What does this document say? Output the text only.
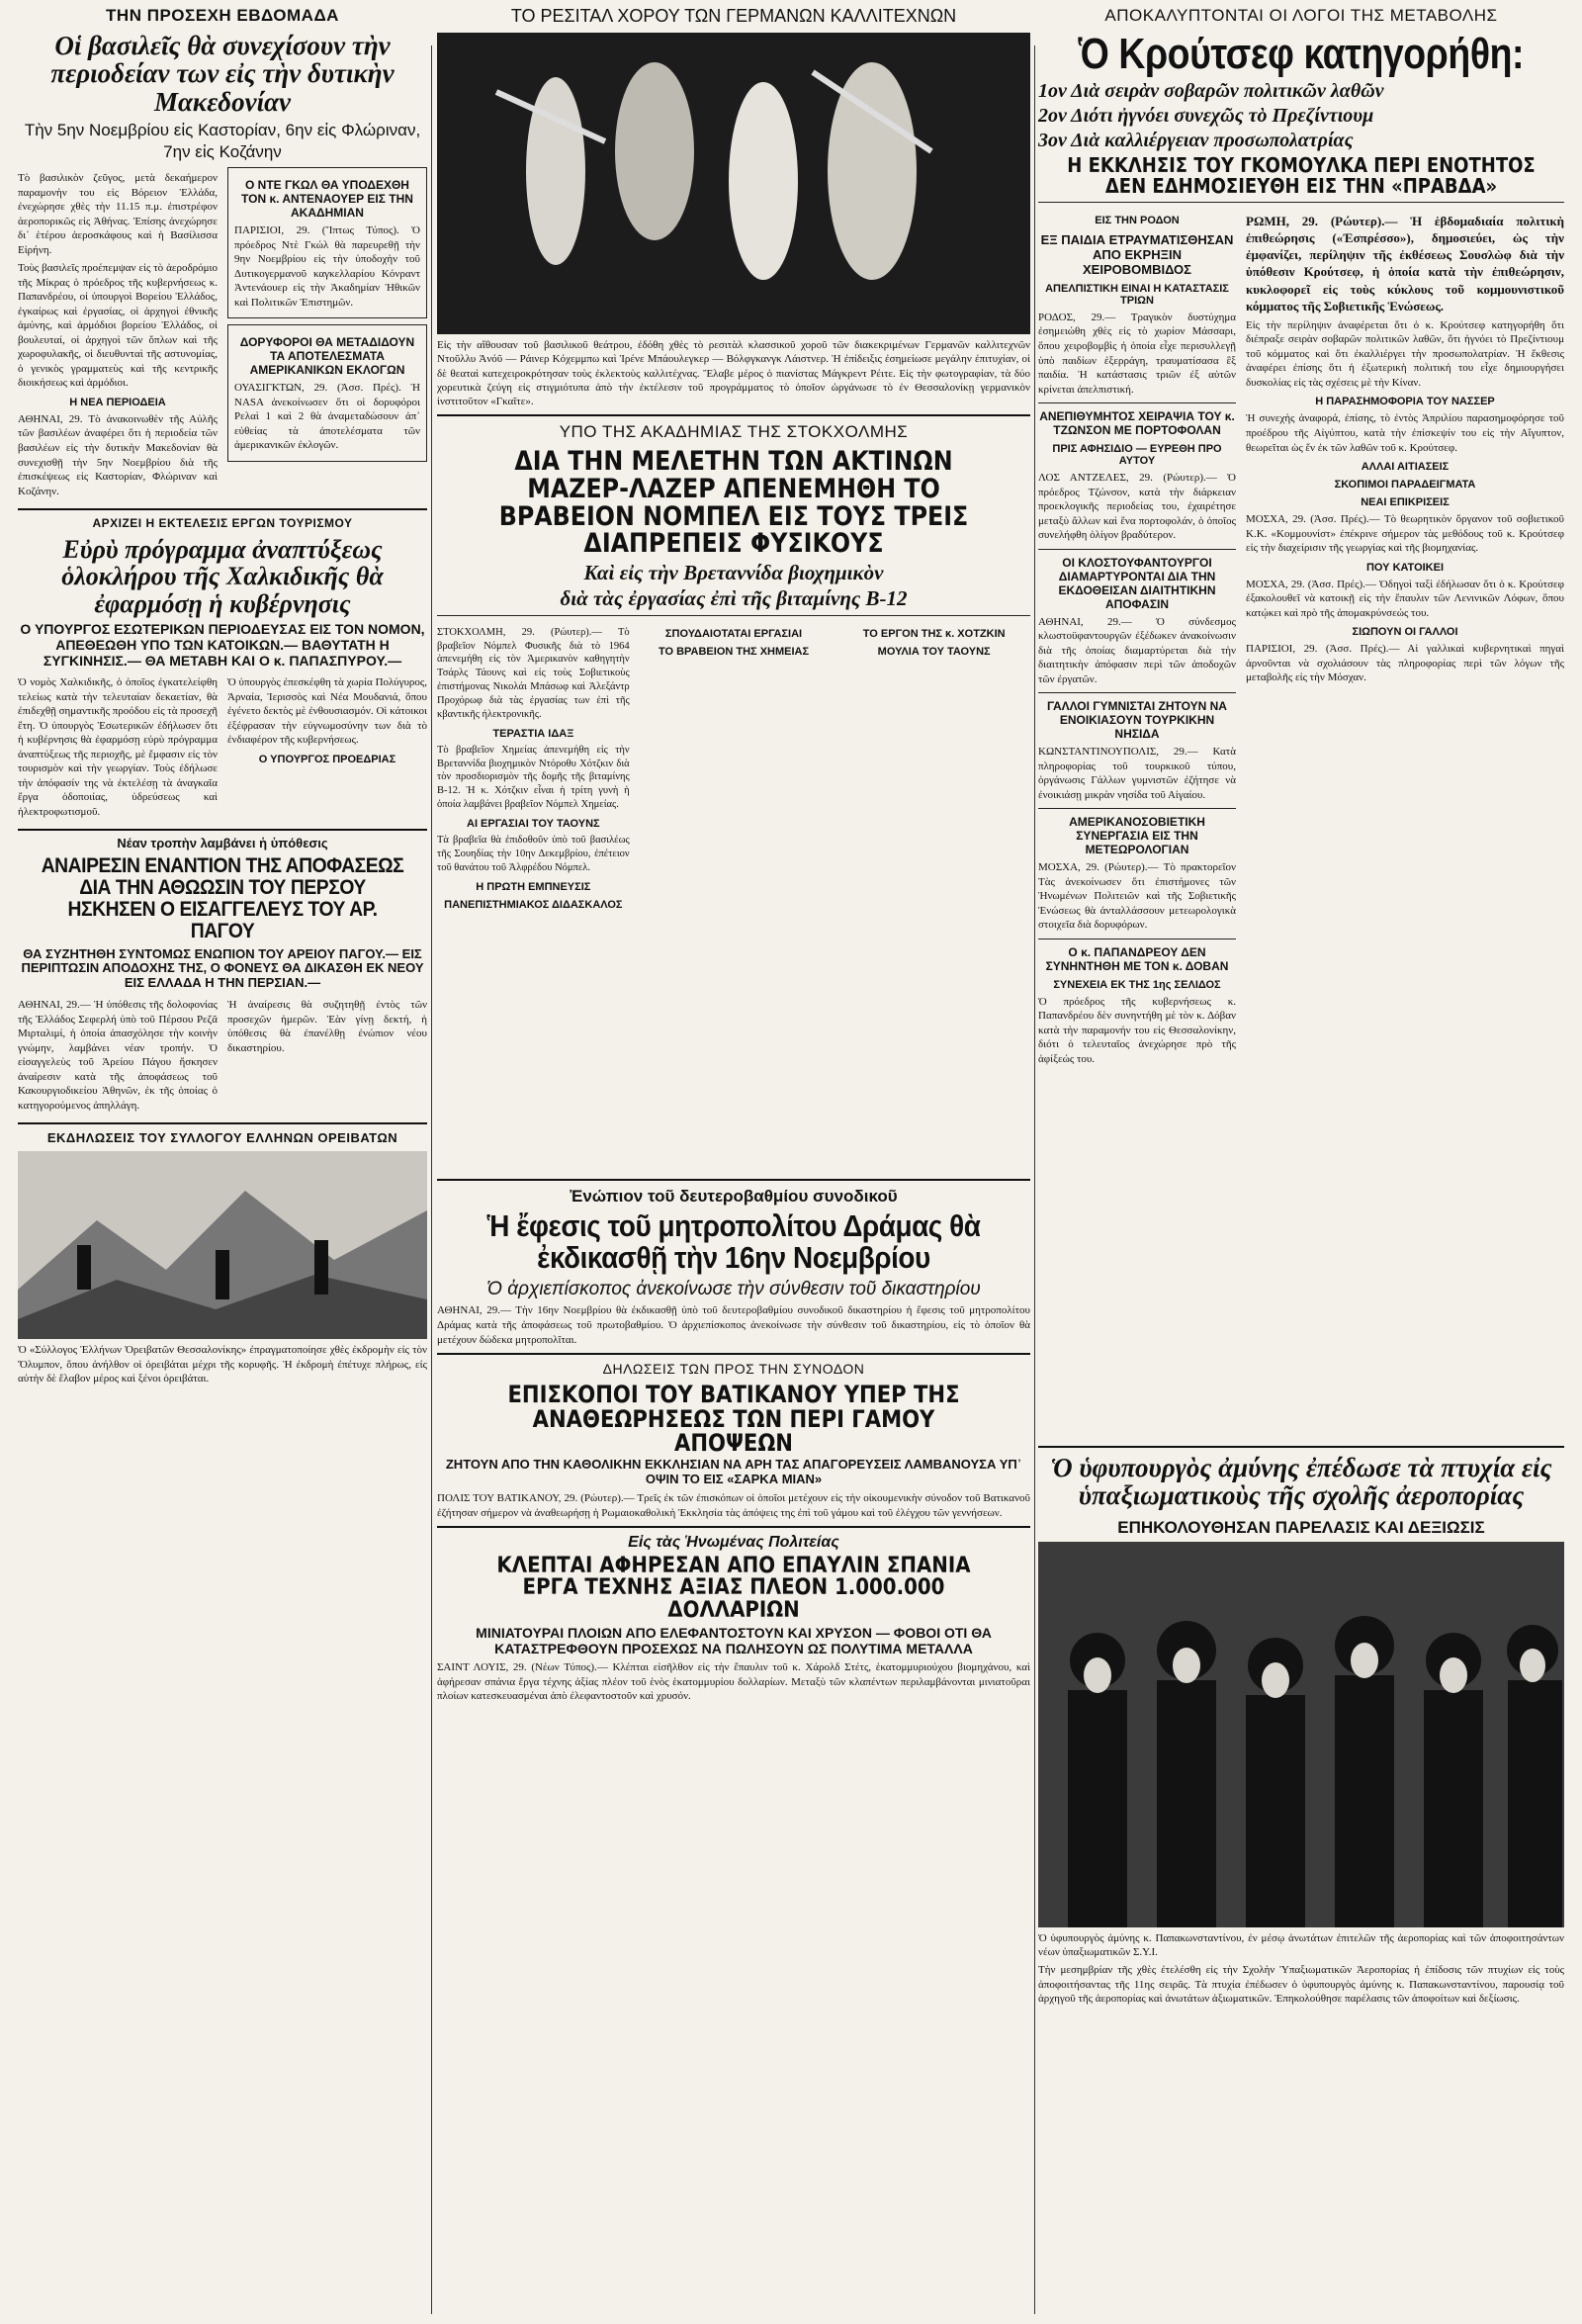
ΤΗΝ ΠΡΟΣΕΧΗ ΕΒΔΟΜΑΔΑ
Οἱ βασιλεῖς θὰ συνεχίσουν τὴν περιοδείαν των εἰς τὴν δυτικὴν Μακεδονίαν
Τὴν 5ην Νοεμβρίου εἰς Καστορίαν, 6ην εἰς Φλώριναν, 7ην εἰς Κοζάνην
Τὸ βασιλικὸν ζεῦγος, μετὰ δεκαήμερον παραμονὴν του εἰς Βόρειον Ἑλλάδα, ἐνεχώρησε χθὲς τὴν 11.15 π.μ. ἐπιστρέφον ἀεροπορικῶς εἰς Ἀθήνας. Ἐπίσης ἀνεχώρησε δι᾽ ἑτέρου ἀεροσκάφους καὶ ἡ Βασίλισσα Εἰρήνη.
Τοὺς βασιλεῖς προέπεμψαν εἰς τὸ ἀεροδρόμιο τῆς Μίκρας ὁ πρόεδρος τῆς κυβερνήσεως κ. Παπανδρέου, οἱ ὑπουργοὶ Βορείου Ἑλλάδος, ἐγκαίρως καὶ ἐργασίας, οἱ ἀρχηγοὶ ἐθνικῆς ἀμύνης, καὶ ἀρμόδιοι βορείου Ἑλλάδος, οἱ βουλευταί, οἱ ἀρχηγοὶ τῶν ὅπλων καὶ τῆς χωροφυλακῆς, οἱ διευθυνταὶ τῆς αστυνομίας, ὁ γενικὸς γραμματεὺς καὶ τῆς κεντρικῆς διοικήσεως καὶ ἀρμόδιοι.
Η ΝΕΑ ΠΕΡΙΟΔΕΙΑ
ΑΘΗΝΑΙ, 29. Τὸ ἀνακοινωθὲν τῆς Αὐλῆς τῶν βασιλέων ἀναφέρει ὅτι ἡ περιοδεία τῶν βασιλέων εἰς τὴν δυτικὴν Μακεδονίαν θὰ συνεχισθῇ τὴν 5ην Νοεμβρίου διὰ τῆς ἐπισκέψεως εἰς Καστορίαν, Φλώριναν καὶ Κοζάνην.
Ο ΝΤΕ ΓΚΩΛ ΘΑ ΥΠΟΔΕΧΘΗ ΤΟΝ κ. ΑΝΤΕΝΑΟΥΕΡ ΕΙΣ ΤΗΝ ΑΚΑΔΗΜΙΑΝ
ΠΑΡΙΣΙΟΙ, 29. (Ἴπτως Τύπος). Ὁ πρόεδρος Ντὲ Γκώλ θὰ παρευρεθῇ τὴν 9ην Νοεμβρίου εἰς τὴν ὑποδοχὴν τοῦ Δυτικογερμανοῦ καγκελλαρίου Κόνραντ Ἀντενάουερ εἰς τὴν Ἀκαδημίαν Ἠθικῶν καὶ Πολιτικῶν Ἐπιστημῶν.
ΔΟΡΥΦΟΡΟΙ ΘΑ ΜΕΤΑΔΙΔΟΥΝ ΤΑ ΑΠΟΤΕΛΕΣΜΑΤΑ ΑΜΕΡΙΚΑΝΙΚΩΝ ΕΚΛΟΓΩΝ
ΟΥΑΣΙΓΚΤΩΝ, 29. (Ἀσσ. Πρές). Ἡ NASA ἀνεκοίνωσεν ὅτι οἱ δορυφόροι Ρελαὶ 1 καὶ 2 θὰ ἀναμεταδώσουν ἀπ᾽ εὐθείας τὰ ἀποτελέσματα τῶν ἀμερικανικῶν ἐκλογῶν.
ΑΡΧΙΖΕΙ Η ΕΚΤΕΛΕΣΙΣ ΕΡΓΩΝ ΤΟΥΡΙΣΜΟΥ
Εὐρὺ πρόγραμμα ἀναπτύξεως ὁλοκλήρου τῆς Χαλκιδικῆς θὰ ἐφαρμόσῃ ἡ κυβέρνησις
Ο ΥΠΟΥΡΓΟΣ ΕΣΩΤΕΡΙΚΩΝ ΠΕΡΙΟΔΕΥΣΑΣ ΕΙΣ ΤΟΝ ΝΟΜΟΝ, ΑΠΕΘΕΩΘΗ ΥΠΟ ΤΩΝ ΚΑΤΟΙΚΩΝ.— ΒΑΘΥΤΑΤΗ Η ΣΥΓΚΙΝΗΣΙΣ.— ΘΑ ΜΕΤΑΒΗ ΚΑΙ Ο κ. ΠΑΠΑΣΠΥΡΟΥ.—
Ὁ νομὸς Χαλκιδικῆς, ὁ ὁποῖος ἐγκατελείφθη τελείως κατὰ τὴν τελευταίαν δεκαετίαν, θὰ ἐπιδεχθῇ σημαντικῆς προόδου εἰς τὰ προσεχῆ ἔτη. Ὁ ὑπουργὸς Ἐσωτερικῶν ἐδήλωσεν ὅτι ἡ κυβέρνησις θὰ ἐφαρμόσῃ εὐρὺ πρόγραμμα ἀναπτύξεως τῆς περιοχῆς, μὲ ἔμφασιν εἰς τὸν τουρισμὸν καὶ τὴν γεωργίαν. Τοὺς ἐδήλωσε τὴν ἀπόφασίν της νὰ ἐκτελέσῃ τὰ ἀναγκαῖα ἔργα ὁδοποιίας, ὑδρεύσεως καὶ ἡλεκτροφωτισμοῦ.
Ὁ ὑπουργὸς ἐπεσκέφθη τὰ χωρία Πολύγυρος, Ἀρναία, Ἱερισσὸς καὶ Νέα Μουδανιά, ὅπου ἐγένετο δεκτὸς μὲ ἐνθουσιασμόν. Οἱ κάτοικοι ἐξέφρασαν τὴν εὐγνωμοσύνην των διὰ τὸ ἐνδιαφέρον τῆς κυβερνήσεως.
Ο ΥΠΟΥΡΓΟΣ ΠΡΟΕΔΡΙΑΣ
Νέαν τροπὴν λαμβάνει ἡ ὑπόθεσις
ΑΝΑΙΡΕΣΙΝ ΕΝΑΝΤΙΟΝ ΤΗΣ ΑΠΟΦΑΣΕΩΣ ΔΙΑ ΤΗΝ ΑΘΩΩΣΙΝ ΤΟΥ ΠΕΡΣΟΥ ΗΣΚΗΣΕΝ Ο ΕΙΣΑΓΓΕΛΕΥΣ ΤΟΥ ΑΡ. ΠΑΓΟΥ
ΘΑ ΣΥΖΗΤΗΘΗ ΣΥΝΤΟΜΩΣ ΕΝΩΠΙΟΝ ΤΟΥ ΑΡΕΙΟΥ ΠΑΓΟΥ.— ΕΙΣ ΠΕΡΙΠΤΩΣΙΝ ΑΠΟΔΟΧΗΣ ΤΗΣ, Ο ΦΟΝΕΥΣ ΘΑ ΔΙΚΑΣΘΗ ΕΚ ΝΕΟΥ ΕΙΣ ΕΛΛΑΔΑ Η ΤΗΝ ΠΕΡΣΙΑΝ.—
ΑΘΗΝΑΙ, 29.— Ἡ ὑπόθεσις τῆς δολοφονίας τῆς Ἑλλάδος Σεφερλή ὑπὸ τοῦ Πέρσου Ρεζᾶ Μιρταλιμί, ἡ ὁποία ἀπασχόλησε τὴν κοινὴν γνώμην, λαμβάνει νέαν τροπήν. Ὁ εἰσαγγελεὺς τοῦ Ἀρείου Πάγου ἤσκησεν ἀναίρεσιν κατὰ τῆς ἀποφάσεως τοῦ Κακουργιοδικείου Ἀθηνῶν, ἐκ τῆς ὁποίας ὁ κατηγορούμενος ἀπηλλάγη.
Ἡ ἀναίρεσις θὰ συζητηθῇ ἐντὸς τῶν προσεχῶν ἡμερῶν. Ἐὰν γίνῃ δεκτή, ἡ ὑπόθεσις θὰ ἐπανέλθῃ ἐνώπιον νέου δικαστηρίου.
ΕΚΔΗΛΩΣΕΙΣ ΤΟΥ ΣΥΛΛΟΓΟΥ ΕΛΛΗΝΩΝ ΟΡΕΙΒΑΤΩΝ
Ὁ «Σύλλογος Ἑλλήνων Ὀρειβατῶν Θεσσαλονίκης» ἐπραγματοποίησε χθὲς ἐκδρομὴν εἰς τὸν Ὄλυμπον, ὅπου ἀνήλθον οἱ ὀρειβάται μέχρι τῆς κορυφῆς. Ἡ ἐκδρομὴ ἐπέτυχε πλήρως, εἰς αὐτὴν δὲ ἔλαβον μέρος καὶ ξένοι ὀρειβάται.
ΤΟ ΡΕΣΙΤΑΛ ΧΟΡΟΥ ΤΩΝ ΓΕΡΜΑΝΩΝ ΚΑΛΛΙΤΕΧΝΩΝ
Εἰς τὴν αἴθουσαν τοῦ βασιλικοῦ θεάτρου, ἐδόθη χθὲς τὸ ρεσιτὰλ κλασσικοῦ χοροῦ τῶν διακεκριμένων Γερμανῶν καλλιτεχνῶν Ντοῦλλυ Ἀνόῦ — Ράινερ Κόχεμμπω καὶ Ἰρένε Μπάουλεγκερ — Βόλφγκανγκ Λάιστνερ. Ἡ ἐπίδειξις ἐσημείωσε μεγάλην ἐπιτυχίαν, οἱ δὲ θεαταὶ κατεχειροκρότησαν τοὺς ἐκλεκτοὺς καλλιτέχνας. Ἔλαβε μέρος ὁ πιανίστας Μάγκρεντ Ρέιτε. Εἰς τὴν φωτογραφίαν, τὰ δύο χορευτικὰ ζεύγη εἰς στιγμιότυπα ἀπὸ τὴν ἐκτέλεσιν τοῦ προγράμματος τὸ ὁποῖον ὠργάνωσε τὸ ἐν Θεσσαλονίκῃ γερμανικὸν ἰνστιτοῦτον «Γκαῖτε».
ΥΠΟ ΤΗΣ ΑΚΑΔΗΜΙΑΣ ΤΗΣ ΣΤΟΚΧΟΛΜΗΣ
ΔΙΑ ΤΗΝ ΜΕΛΕΤΗΝ ΤΩΝ ΑΚΤΙΝΩΝ ΜΑΖΕΡ-ΛΑΖΕΡ ΑΠΕΝΕΜΗΘΗ ΤΟ ΒΡΑΒΕΙΟΝ ΝΟΜΠΕΛ ΕΙΣ ΤΟΥΣ ΤΡΕΙΣ ΔΙΑΠΡΕΠΕΙΣ ΦΥΣΙΚΟΥΣ
Καὶ εἰς τὴν Βρεταννίδα βιοχημικὸν
διὰ τὰς ἐργασίας ἐπὶ τῆς βιταμίνης Β-12
ΣΤΟΚΧΟΛΜΗ, 29. (Ρώυτερ).— Τὸ βραβεῖον Νόμπελ Φυσικῆς διὰ τὸ 1964 ἀπενεμήθη εἰς τὸν Ἀμερικανὸν καθηγητὴν Τσάρλς Τάουνς καὶ εἰς τοὺς Σοβιετικοὺς ἐπιστήμονας Νικολάι Μπάσωφ καὶ Ἀλεξάντρ Προχόρωφ διὰ τὰς ἐργασίας των ἐπὶ τῆς κβαντικῆς ἠλεκτρονικῆς.
ΤΕΡΑΣΤΙΑ ΙΔΑΞ
Τὸ βραβεῖον Χημείας ἀπενεμήθη εἰς τὴν Βρεταννίδα βιοχημικὸν Ντόροθυ Χότζκιν διὰ τὸν προσδιορισμὸν τῆς δομῆς τῆς βιταμίνης Β-12. Ἡ κ. Χότζκιν εἶναι ἡ τρίτη γυνὴ ἡ ὁποία λαμβάνει βραβεῖον Νόμπελ Χημείας.
ΑΙ ΕΡΓΑΣΙΑΙ ΤΟΥ ΤΑΟΥΝΣ
Τὰ βραβεῖα θὰ ἐπιδοθοῦν ὑπὸ τοῦ βασιλέως τῆς Σουηδίας τὴν 10ην Δεκεμβρίου, ἐπέτειον τοῦ θανάτου τοῦ Ἀλφρέδου Νόμπελ.
Η ΠΡΩΤΗ ΕΜΠΝΕΥΣΙΣ
ΠΑΝΕΠΙΣΤΗΜΙΑΚΟΣ ΔΙΔΑΣΚΑΛΟΣ
ΣΠΟΥΔΑΙΟΤΑΤΑΙ ΕΡΓΑΣΙΑΙ
ΤΟ ΒΡΑΒΕΙΟΝ ΤΗΣ ΧΗΜΕΙΑΣ
ΤΟ ΕΡΓΟΝ ΤΗΣ κ. ΧΟΤΖΚΙΝ
ΜΟΥΛΙΑ ΤΟΥ ΤΑΟΥΝΣ
Ἐνώπιον τοῦ δευτεροβαθμίου συνοδικοῦ
Ἡ ἔφεσις τοῦ μητροπολίτου Δράμας θὰ ἐκδικασθῇ τὴν 16ην Νοεμβρίου
Ὁ ἀρχιεπίσκοπος ἀνεκοίνωσε τὴν σύνθεσιν τοῦ δικαστηρίου
ΑΘΗΝΑΙ, 29.— Τὴν 16ην Νοεμβρίου θὰ ἐκδικασθῇ ὑπὸ τοῦ δευτεροβαθμίου συνοδικοῦ δικαστηρίου ἡ ἔφεσις τοῦ μητροπολίτου Δράμας κατὰ τῆς ἀποφάσεως τοῦ πρωτοβαθμίου. Ὁ ἀρχιεπίσκοπος ἀνεκοίνωσε τὴν σύνθεσιν τοῦ δικαστηρίου, εἰς τὸ ὁποῖον θὰ μετέχουν δώδεκα μητροπολῖται.
ΔΗΛΩΣΕΙΣ ΤΩΝ ΠΡΟΣ ΤΗΝ ΣΥΝΟΔΟΝ
ΕΠΙΣΚΟΠΟΙ ΤΟΥ ΒΑΤΙΚΑΝΟΥ ΥΠΕΡ ΤΗΣ ΑΝΑΘΕΩΡΗΣΕΩΣ ΤΩΝ ΠΕΡΙ ΓΑΜΟΥ ΑΠΟΨΕΩΝ
ΖΗΤΟΥΝ ΑΠΟ ΤΗΝ ΚΑΘΟΛΙΚΗΝ ΕΚΚΛΗΣΙΑΝ ΝΑ ΑΡΗ ΤΑΣ ΑΠΑΓΟΡΕΥΣΕΙΣ ΛΑΜΒΑΝΟΥΣΑ ΥΠ᾽ ΟΨΙΝ ΤΟ ΕΙΣ «ΣΑΡΚΑ ΜΙΑΝ»
ΠΟΛΙΣ ΤΟΥ ΒΑΤΙΚΑΝΟΥ, 29. (Ρώυτερ).— Τρεῖς ἐκ τῶν ἐπισκόπων οἱ ὁποῖοι μετέχουν εἰς τὴν οἰκουμενικὴν σύνοδον τοῦ Βατικανοῦ ἐζήτησαν σήμερον νὰ ἀναθεωρήσῃ ἡ Ρωμαιοκαθολικὴ Ἐκκλησία τὰς ἀπόψεις της ἐπὶ τοῦ γάμου καὶ τοῦ ἐλέγχου τῶν γεννήσεων.
Εἰς τὰς Ἡνωμένας Πολιτείας
ΚΛΕΠΤΑΙ ΑΦΗΡΕΣΑΝ ΑΠΟ ΕΠΑΥΛΙΝ ΣΠΑΝΙΑ ΕΡΓΑ ΤΕΧΝΗΣ ΑΞΙΑΣ ΠΛΕΟΝ 1.000.000 ΔΟΛΛΑΡΙΩΝ
ΜΙΝΙΑΤΟΥΡΑΙ ΠΛΟΙΩΝ ΑΠΟ ΕΛΕΦΑΝΤΟΣΤΟΥΝ ΚΑΙ ΧΡΥΣΟΝ — ΦΟΒΟΙ ΟΤΙ ΘΑ ΚΑΤΑΣΤΡΕΦΘΟΥΝ ΠΡΟΣΕΧΩΣ ΝΑ ΠΩΛΗΣΟΥΝ ΩΣ ΠΟΛΥΤΙΜΑ ΜΕΤΑΛΛΑ
ΣΑΙΝΤ ΛΟΥΙΣ, 29. (Νέων Τύπος).— Κλέπται εἰσῆλθον εἰς τὴν ἔπαυλιν τοῦ κ. Χάρολδ Στέτς, ἑκατομμυριούχου βιομηχάνου, καὶ ἀφήρεσαν σπάνια ἔργα τέχνης ἀξίας πλέον τοῦ ἑνὸς ἑκατομμυρίου δολλαρίων. Μεταξὺ τῶν κλαπέντων περιλαμβάνονται μινιατοῦραι πλοίων κατεσκευασμέναι ἀπὸ ἐλεφαντοστοῦν καὶ χρυσόν.
ΑΠΟΚΑΛΥΠΤΟΝΤΑΙ ΟΙ ΛΟΓΟΙ ΤΗΣ ΜΕΤΑΒΟΛΗΣ
Ὁ Κρούτσεφ κατηγορήθη:
1ον Διὰ σειρὰν σοβαρῶν πολιτικῶν λαθῶν
2ον Διότι ἠγνόει συνεχῶς τὸ Πρεζίντιουμ
3ον Διὰ καλλιέργειαν προσωπολατρίας
Η ΕΚΚΛΗΣΙΣ ΤΟΥ ΓΚΟΜΟΥΛΚΑ ΠΕΡΙ ΕΝΟΤΗΤΟΣ ΔΕΝ ΕΔΗΜΟΣΙΕΥΘΗ ΕΙΣ ΤΗΝ «ΠΡΑΒΔΑ»
ΕΙΣ ΤΗΝ ΡΟΔΟΝ
ΕΞ ΠΑΙΔΙΑ ΕΤΡΑΥΜΑΤΙΣΘΗΣΑΝ ΑΠΟ ΕΚΡΗΞΙΝ ΧΕΙΡΟΒΟΜΒΙΔΟΣ
ΑΠΕΛΠΙΣΤΙΚΗ ΕΙΝΑΙ Η ΚΑΤΑΣΤΑΣΙΣ ΤΡΙΩΝ
ΡΟΔΟΣ, 29.— Τραγικὸν δυστύχημα ἐσημειώθη χθὲς εἰς τὸ χωρίον Μάσσαρι, ὅπου χειροβομβὶς ἡ ὁποία εἶχε περισυλλεγῇ ὑπὸ παιδίων ἐξερράγη, τραυματίσασα ἓξ παιδία. Ἡ κατάστασις τριῶν ἐξ αὐτῶν κρίνεται ἀπελπιστική.
ΑΝΕΠΙΘΥΜΗΤΟΣ ΧΕΙΡΑΨΙΑ ΤΟΥ κ. ΤΖΩΝΣΟΝ ΜΕ ΠΟΡΤΟΦΟΛΑΝ
ΠΡΙΣ ΑΦΗΣΙΔΙΟ — ΕΥΡΕΘΗ ΠΡΟ ΑΥΤΟΥ
ΛΟΣ ΑΝΤΖΕΛΕΣ, 29. (Ρώυτερ).— Ὁ πρόεδρος Τζώνσον, κατὰ τὴν διάρκειαν προεκλογικῆς περιοδείας του, ἐχαιρέτησε μεταξὺ ἄλλων καὶ ἕνα πορτοφολάν, ὁ ὁποῖος συνελήφθη ὀλίγον βραδύτερον.
ΟΙ ΚΛΟΣΤΟΥΦΑΝΤΟΥΡΓΟΙ ΔΙΑΜΑΡΤΥΡΟΝΤΑΙ ΔΙΑ ΤΗΝ ΕΚΔΟΘΕΙΣΑΝ ΔΙΑΙΤΗΤΙΚΗΝ ΑΠΟΦΑΣΙΝ
ΑΘΗΝΑΙ, 29.— Ὁ σύνδεσμος κλωστοϋφαντουργῶν ἐξέδωκεν ἀνακοίνωσιν διὰ τῆς ὁποίας διαμαρτύρεται διὰ τὴν διαιτητικὴν ἀπόφασιν περὶ τῶν ἀποδοχῶν τῶν ἐργατῶν.
ΓΑΛΛΟΙ ΓΥΜΝΙΣΤΑΙ ΖΗΤΟΥΝ ΝΑ ΕΝΟΙΚΙΑΣΟΥΝ ΤΟΥΡΚΙΚΗΝ ΝΗΣΙΔΑ
ΚΩΝΣΤΑΝΤΙΝΟΥΠΟΛΙΣ, 29.— Κατὰ πληροφορίας τοῦ τουρκικοῦ τύπου, ὀργάνωσις Γάλλων γυμνιστῶν ἐζήτησε νὰ ἐνοικιάσῃ μικρὰν νησίδα τοῦ Αἰγαίου.
ΑΜΕΡΙΚΑΝΟΣΟΒΙΕΤΙΚΗ ΣΥΝΕΡΓΑΣΙΑ ΕΙΣ ΤΗΝ ΜΕΤΕΩΡΟΛΟΓΙΑΝ
ΜΟΣΧΑ, 29. (Ρώυτερ).— Τὸ πρακτορεῖον Τὰς ἀνεκοίνωσεν ὅτι ἐπιστήμονες τῶν Ἡνωμένων Πολιτειῶν καὶ τῆς Σοβιετικῆς Ἑνώσεως θὰ ἀνταλλάσσουν μετεωρολογικὰ στοιχεῖα διὰ δορυφόρων.
Ο κ. ΠΑΠΑΝΔΡΕΟΥ ΔΕΝ ΣΥΝΗΝΤΗΘΗ ΜΕ ΤΟΝ κ. ΔΟΒΑΝ
ΣΥΝΕΧΕΙΑ ΕΚ ΤΗΣ 1ης ΣΕΛΙΔΟΣ
Ὁ πρόεδρος τῆς κυβερνήσεως κ. Παπανδρέου δὲν συνηντήθη μὲ τὸν κ. Δόβαν κατὰ τὴν παραμονήν του εἰς Θεσσαλονίκην, διότι ὁ τελευταῖος ἀνεχώρησε πρὸ τῆς ἀφίξεώς του.
ΡΩΜΗ, 29. (Ρώυτερ).— Ἡ ἑβδομαδιαία πολιτικὴ ἐπιθεώρησις («Ἐσπρέσσο»), δημοσιεύει, ὡς τὴν ἐμφανίζει, περίληψιν τῆς ἐκθέσεως Σουσλὼφ διὰ τὴν ὑπόθεσιν Κρούτσεφ, ἡ ὁποία κατὰ τὴν ἐπιθεώρησιν, κυκλοφορεῖ εἰς τοὺς κύκλους τοῦ κομμουνιστικοῦ κόμματος τῆς Σοβιετικῆς Ἑνώσεως.
Εἰς τὴν περίληψιν ἀναφέρεται ὅτι ὁ κ. Κρούτσεφ κατηγορήθη ὅτι διέπραξε σειρὰν σοβαρῶν πολιτικῶν λαθῶν, ὅτι ἠγνόει τὸ Πρεζίντιουμ τοῦ κόμματος καὶ ὅτι ἐκαλλιέργει τὴν προσωπολατρίαν. Ἡ ἔκθεσις ἀναφέρει ἐπίσης ὅτι ἡ ἐξωτερικὴ πολιτική του εἶχε δημιουργήσει δυσκολίας εἰς τὰς σχέσεις μὲ τὴν Κίναν.
Η ΠΑΡΑΣΗΜΟΦΟΡΙΑ ΤΟΥ ΝΑΣΣΕΡ
Ἡ συνεχὴς ἀναφορά, ἐπίσης, τὸ ἐντὸς Ἀπριλίου παρασημοφόρησε τοῦ προέδρου τῆς Αἰγύπτου, κατὰ τὴν ἐπίσκεψίν του εἰς τὴν Αἴγυπτον, θεωρεῖται ὡς ἕν ἐκ τῶν λαθῶν τοῦ κ. Κρούτσεφ.
ΑΛΛΑΙ ΑΙΤΙΑΣΕΙΣ
ΣΚΟΠΙΜΟΙ ΠΑΡΑΔΕΙΓΜΑΤΑ
ΝΕΑΙ ΕΠΙΚΡΙΣΕΙΣ
ΜΟΣΧΑ, 29. (Ἀσσ. Πρές).— Τὸ θεωρητικὸν ὄργανον τοῦ σοβιετικοῦ Κ.Κ. «Κομμουνίστ» ἐπέκρινε σήμερον τὰς μεθόδους τοῦ κ. Κρούτσεφ εἰς τὴν διαχείρισιν τῆς γεωργίας καὶ τῆς βιομηχανίας.
ΠΟΥ ΚΑΤΟΙΚΕΙ
ΜΟΣΧΑ, 29. (Ἀσσ. Πρές).— Ὁδηγοὶ ταξὶ ἐδήλωσαν ὅτι ὁ κ. Κρούτσεφ ἐξακολουθεῖ νὰ κατοικῇ εἰς τὴν ἔπαυλιν τῶν Λενινικῶν Λόφων, ὅπου κατῴκει καὶ πρὸ τῆς ἀπομακρύνσεώς του.
ΣΙΩΠΟΥΝ ΟΙ ΓΑΛΛΟΙ
ΠΑΡΙΣΙΟΙ, 29. (Ἀσσ. Πρές).— Αἱ γαλλικαὶ κυβερνητικαὶ πηγαὶ ἀρνοῦνται νὰ σχολιάσουν τὰς πληροφορίας περὶ τῶν λόγων τῆς μεταβολῆς εἰς τὴν Μόσχαν.
Ὁ ὑφυπουργὸς ἀμύνης ἐπέδωσε τὰ πτυχία εἰς ὑπαξιωματικοὺς τῆς σχολῆς ἀεροπορίας
ΕΠΗΚΟΛΟΥΘΗΣΑΝ ΠΑΡΕΛΑΣΙΣ ΚΑΙ ΔΕΞΙΩΣΙΣ
Ὁ ὑφυπουργὸς ἀμύνης κ. Παπακωνσταντίνου, ἐν μέσῳ ἀνωτάτων ἐπιτελῶν τῆς ἀεροπορίας καὶ τῶν ἀποφοιτησάντων νέων ὑπαξιωματικῶν Σ.Υ.Ι.
Τὴν μεσημβρίαν τῆς χθὲς ἐτελέσθη εἰς τὴν Σχολὴν Ὑπαξιωματικῶν Ἀεροπορίας ἡ ἐπίδοσις τῶν πτυχίων εἰς τοὺς ἀποφοιτήσαντας τῆς 11ης σειρᾶς. Τὰ πτυχία ἐπέδωσεν ὁ ὑφυπουργὸς ἀμύνης κ. Παπακωνσταντίνου, παρουσίᾳ τοῦ ἀρχηγοῦ τῆς ἀεροπορίας καὶ ἀνωτάτων ἀξιωματικῶν. Ἐπηκολούθησε παρέλασις τῶν ἀποφοίτων καὶ δεξίωσις.
